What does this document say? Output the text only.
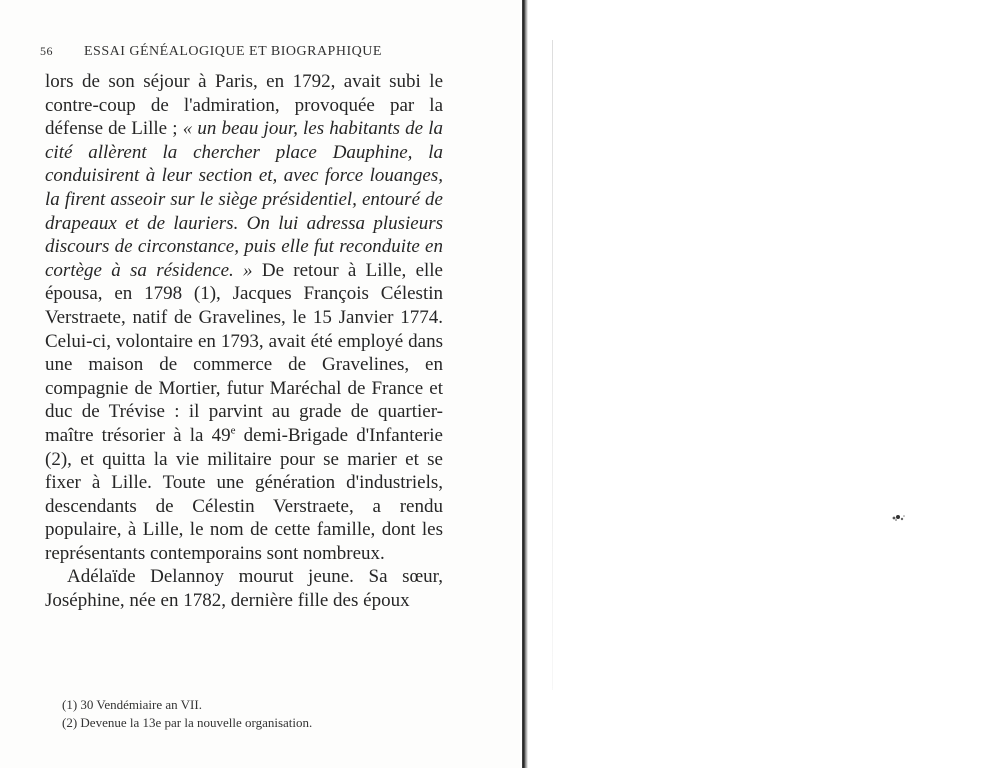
56 ESSAI GÉNÉALOGIQUE ET BIOGRAPHIQUE

lors de son séjour à Paris, en 1792, avait subi le contre-coup de l'admiration, provoquée par la défense de Lille ; « un beau jour, les habitants de la cité allèrent la chercher place Dauphine, la conduisirent à leur section et, avec force louanges, la firent asseoir sur le siège présidentiel, entouré de drapeaux et de lauriers. On lui adressa plusieurs discours de circonstance, puis elle fut reconduite en cortège à sa résidence. » De retour à Lille, elle épousa, en 1798 (1), Jacques François Célestin Verstraete, natif de Gravelines, le 15 Janvier 1774. Celui-ci, volontaire en 1793, avait été employé dans une maison de commerce de Gravelines, en compagnie de Mortier, futur Maréchal de France et duc de Trévise : il parvint au grade de quartier-maître trésorier à la 49e demi-Brigade d'Infanterie (2), et quitta la vie militaire pour se marier et se fixer à Lille. Toute une génération d'industriels, descendants de Célestin Verstraete, a rendu populaire, à Lille, le nom de cette famille, dont les représentants contemporains sont nombreux.

Adélaïde Delannoy mourut jeune. Sa sœur, Joséphine, née en 1782, dernière fille des époux

(1) 30 Vendémiaire an VII.
(2) Devenue la 13e par la nouvelle organisation.
